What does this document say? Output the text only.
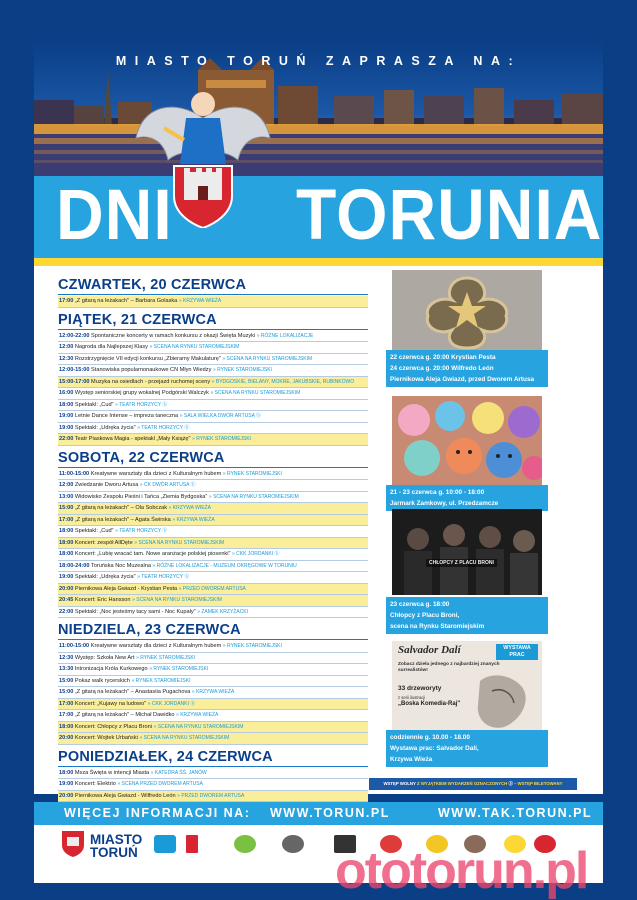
MIASTO TORUŃ ZAPRASZA NA:
DNI TORUNIA
CZWARTEK, 20 CZERWCA
17:00 „Z gitarą na leżakach" – Barbara Golaska » KRZYWA WIEŻA
PIĄTEK, 21 CZERWCA
12:00-22:00 Spontaniczne koncerty w ramach konkursu z okazji Święta Muzyki » RÓŻNE LOKALIZACJE
12:00 Nagroda dla Najlepszej Klasy » SCENA NA RYNKU STAROMIEJSKIM
12:30 Rozstrzygnięcie VII edycji konkursu „Zbieramy Makulaturę" » SCENA NA RYNKU STAROMIEJSKIM
12:00-15:00 Stanowiska popularnonaukowe CN Młyn Wiedzy » RYNEK STAROMIEJSKI
15:00-17:00 Muzyka na osiedlach - przejazd ruchomej sceny » BYDGOSKIE, BIELANY, MOKRE, JAKUBSKIE, RUBINKOWO
16:00 Występ seniorskiej grupy wokalnej Podgórski Walczyk » SCENA NA RYNKU STAROMIEJSKIM
18:00 Spektakl: „Cud" » TEATR HORZYCY ⓑ
19:00 Letnie Dance Intense – impreza taneczna » SALA WIELKA DWOR ARTUSA ⓑ
19:00 Spektakl: „Udręka życia" » TEATR HORZYCY ⓑ
22:00 Teatr Piaskowa Magia - spektakl „Mały Książę" » RYNEK STAROMIEJSKI
SOBOTA, 22 CZERWCA
11:00-15:00 Kreatywne warsztaty dla dzieci z Kulturalnym hubem » RYNEK STAROMIEJSKI
12:00 Zwiedzanie Dworu Artusa » CK DWÓR ARTUSA ⓑ
13:00 Widowisko Zespołu Pieśni i Tańca „Ziemia Bydgoska" » SCENA NA RYNKU STAROMIEJSKIM
15:00 „Z gitarą na leżakach" – Ola Sobczak » KRZYWA WIEŻA
17:00 „Z gitarą na leżakach" – Agata Świrska » KRZYWA WIEŻA
18:00 Spektakl: „Cud" » TEATR HORZYCY ⓑ
18:00 Koncert: zespół AllDęte » SCENA NA RYNKU STAROMIEJSKIM
18:00 Koncert: „Lubię wracać tam. Nowe aranżacje polskiej piosenki" » CKK JORDANKI ⓑ
18:00-24:00 Toruńska Noc Muzealna » RÓŻNE LOKALIZACJE - MUZEUM OKRĘGOWE W TORUNIU
19:00 Spektakl: „Udręka życia" » TEATR HORZYCY ⓑ
20:00 Piernikowa Aleja Gwiazd - Krystian Pesta » PRZED DWOREM ARTUSA
20:45 Koncert: Eric Hansson » SCENA NA RYNKU STAROMIEJSKIM
22:00 Spektakl: „Noc jesteśmy tacy sami - Noc Kupały" » ZAMEK KRZYŻACKI
NIEDZIELA, 23 CZERWCA
11:00-15:00 Kreatywne warsztaty dla dzieci z Kulturalnym hubem » RYNEK STAROMIEJSKI
12:30 Występ: Szkoła New Art » RYNEK STAROMIEJSKI
13:30 Intronizacja Króla Kurkowego » RYNEK STAROMIEJSKI
15:00 Pokaz walk rycerskich » RYNEK STAROMIEJSKI
15:00 „Z gitarą na leżakach" – Anastasiia Pugachova » KRZYWA WIEŻA
17:00 Koncert: „Kujawy na ludowo" » CKK JORDANKI ⓑ
17:00 „Z gitarą na leżakach" – Michał Dawidko » KRZYWA WIEŻA
18:00 Koncert: Chłopcy z Placu Broni » SCENA NA RYNKU STAROMIEJSKIM
20:00 Koncert: Wojtek Urbański » SCENA NA RYNKU STAROMIEJSKIM
PONIEDZIAŁEK, 24 CZERWCA
18:00 Msza Święta w intencji Miasta » KATEDRA ŚŚ. JANÓW
19:00 Koncert: Elektrio » SCENA PRZED DWOREM ARTUSA
20:00 Piernikowa Aleja Gwiazd - Wilfredo León » PRZED DWOREM ARTUSA
22 czerwca g. 20:00 Krystian Pesta
24 czerwca g. 20:00 Wilfredo León
Piernikowa Aleja Gwiazd, przed Dworem Artusa
21 - 23 czerwca g. 10:00 - 18:00
Jarmark Zamkowy, ul. Przedzamcze
CHŁOPCY Z PLACU BRONI
23 czerwca g. 18:00
Chłopcy z Placu Broni,
scena na Rynku Staromiejskim
Salvador Dalí	WYSTAWA PRAC
Zobacz dzieła jednego z najbardziej znanych surrealistów!
33 drzeworyty
z serii ilustracji
„Boska Komedia-Raj"
codziennie g. 10.00 - 18.00
Wystawa prac: Salvador Dalí,
Krzywa Wieża
WSTĘP WOLNY Z WYJĄTKIEM WYDARZEŃ OZNACZONYCH ⓑ – WSTĘP BILETOWANY
WIĘCEJ INFORMACJI NA: WWW.TORUN.PL	WWW.TAK.TORUN.PL
MIASTO
TORUŃ	ototorun.pl
